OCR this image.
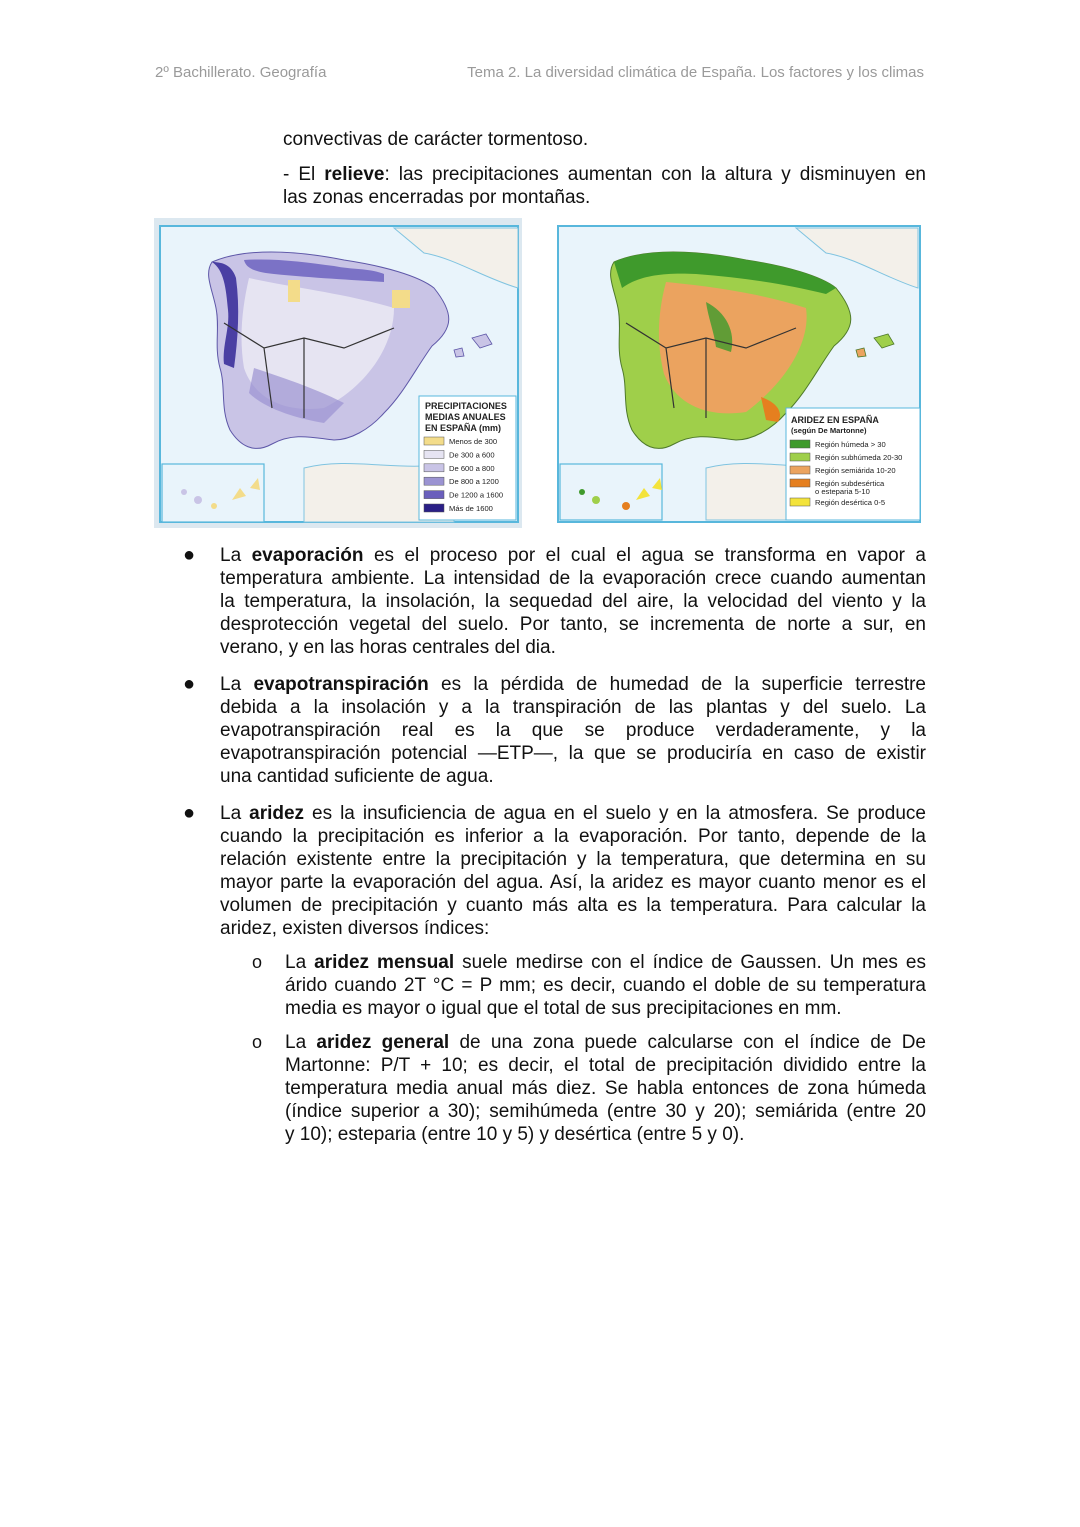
2º Bachillerato. Geografía	Tema 2. La diversidad climática de España. Los factores y los climas
convectivas de carácter tormentoso.
- El relieve: las precipitaciones aumentan con la altura y disminuyen en
las zonas encerradas por montañas.
PRECIPITACIONES
MEDIAS ANUALES
EN ESPAÑA (mm)
Menos de 300
De 300 a 600
De 600 a 800
De 800 a 1200
De 1200 a 1600
Más de 1600
ARIDEZ EN ESPAÑA
(según De Martonne)
Región húmeda > 30
Región subhúmeda 20-30
Región semiárida 10-20
Región subdesértica
o esteparia 5-10
Región desértica 0-5
● La evaporación es el proceso por el cual el agua se transforma en vapor a
temperatura ambiente. La intensidad de la evaporación crece cuando aumentan
la temperatura, la insolación, la sequedad del aire, la velocidad del viento y la
desprotección vegetal del suelo. Por tanto, se incrementa de norte a sur, en
verano, y en las horas centrales del dia.
● La evapotranspiración es la pérdida de humedad de la superficie terrestre
debida a la insolación y a la transpiración de las plantas y del suelo. La
evapotranspiración real es la que se produce verdaderamente, y la
evapotranspiración potencial —ETP—, la que se produciría en caso de existir
una cantidad suficiente de agua.
● La aridez es la insuficiencia de agua en el suelo y en la atmosfera. Se produce
cuando la precipitación es inferior a la evaporación. Por tanto, depende de la
relación existente entre la precipitación y la temperatura, que determina en su
mayor parte la evaporación del agua. Así, la aridez es mayor cuanto menor es el
volumen de precipitación y cuanto más alta es la temperatura. Para calcular la
aridez, existen diversos índices:
o La aridez mensual suele medirse con el índice de Gaussen. Un mes es
árido cuando 2T °C = P mm; es decir, cuando el doble de su temperatura
media es mayor o igual que el total de sus precipitaciones en mm.
o La aridez general de una zona puede calcularse con el índice de De
Martonne: P/T + 10; es decir, el total de precipitación dividido entre la
temperatura media anual más diez. Se habla entonces de zona húmeda
(índice superior a 30); semihúmeda (entre 30 y 20); semiárida (entre 20
y 10); esteparia (entre 10 y 5) y desértica (entre 5 y 0).
